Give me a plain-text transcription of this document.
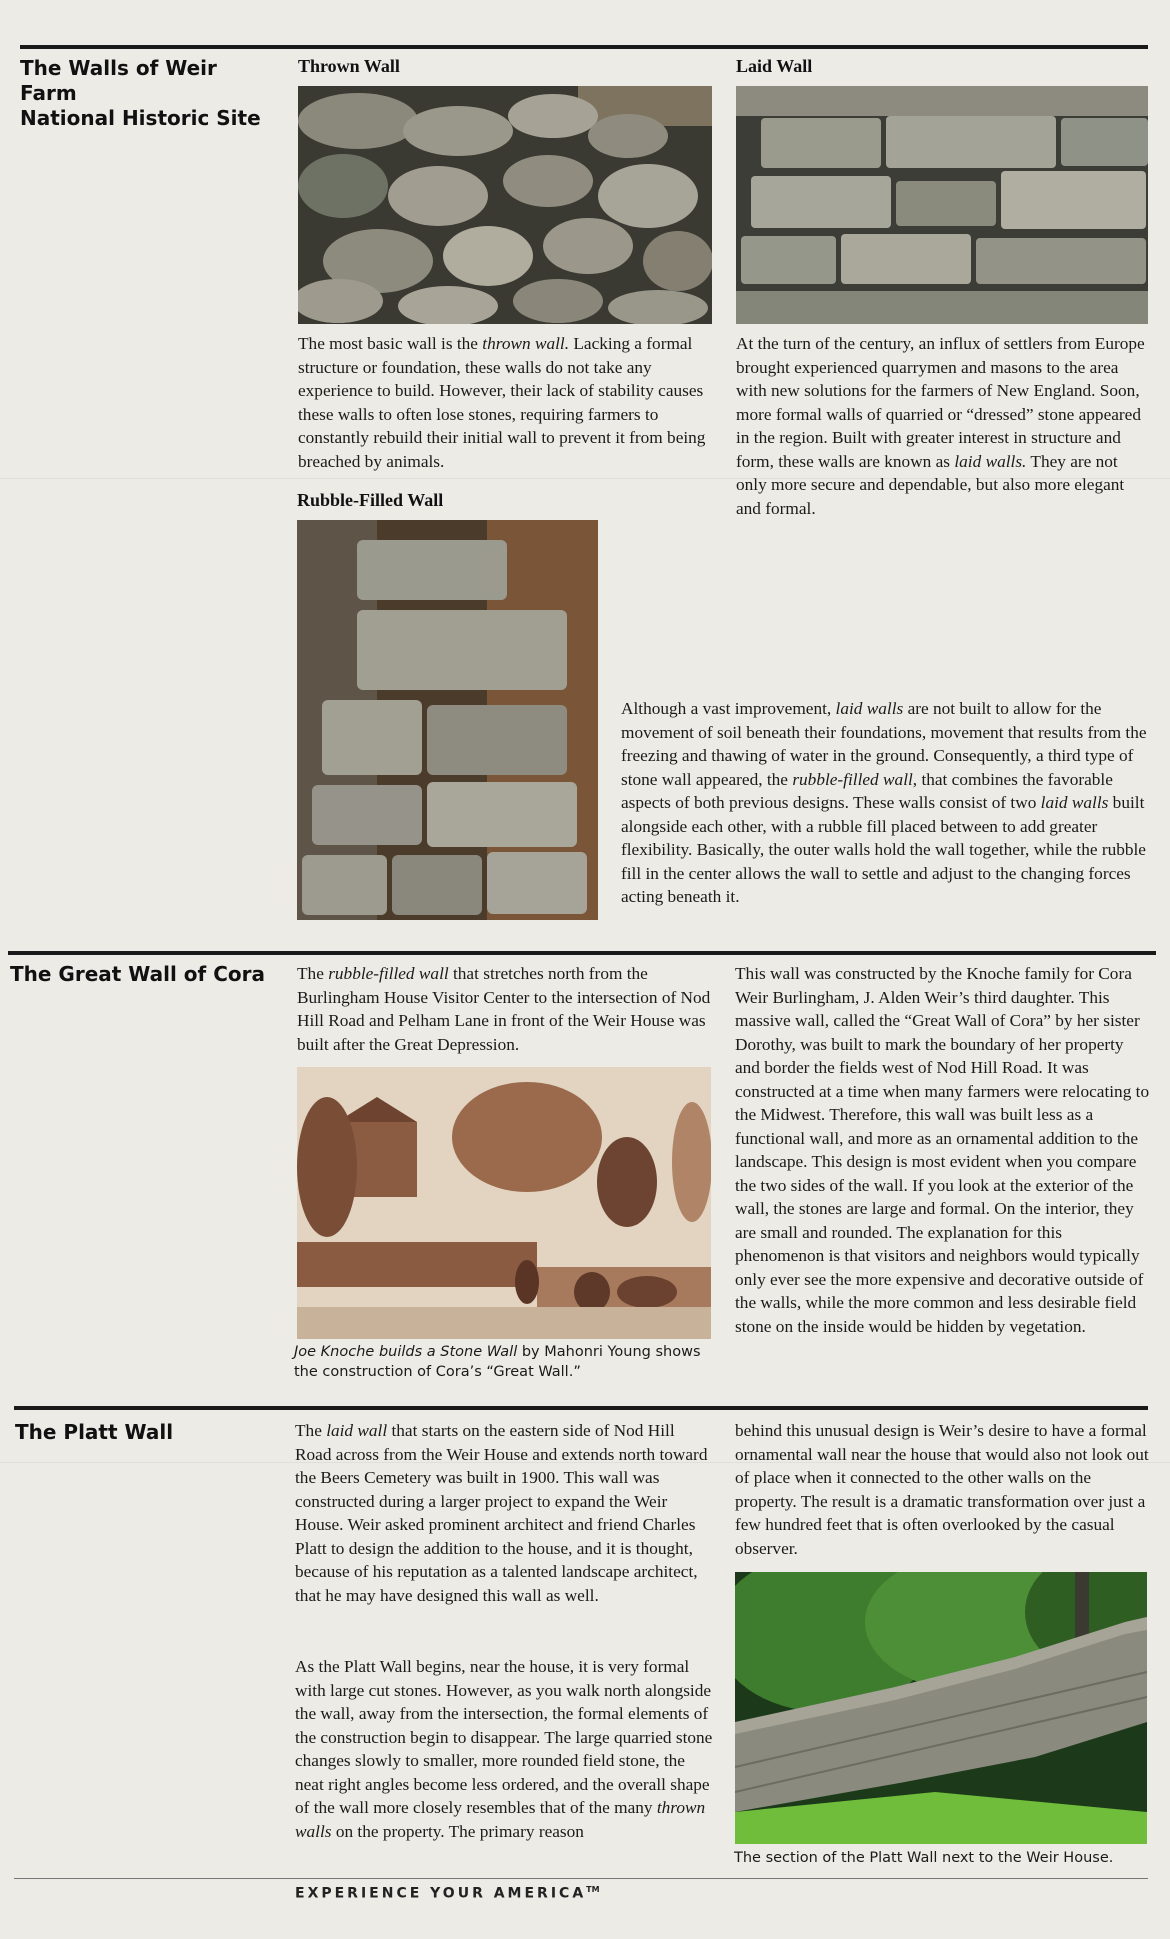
The Walls of Weir Farm
National Historic Site
Thrown Wall

The most basic wall is the thrown wall. Lacking a formal structure or foundation, these walls do not take any experience to build. However, their lack of stability causes these walls to often lose stones, requiring farmers to constantly rebuild their initial wall to prevent it from being breached by animals.

Laid Wall

At the turn of the century, an influx of settlers from Europe brought experienced quarrymen and masons to the area with new solutions for the farmers of New England. Soon, more formal walls of quarried or “dressed” stone appeared in the region. Built with greater interest in structure and form, these walls are known as laid walls. They are not only more secure and dependable, but also more elegant and formal.

Rubble-Filled Wall

Although a vast improvement, laid walls are not built to allow for the movement of soil beneath their foundations, movement that results from the freezing and thawing of water in the ground. Consequently, a third type of stone wall appeared, the rubble-filled wall, that combines the favorable aspects of both previous designs. These walls consist of two laid walls built alongside each other, with a rubble fill placed between to add greater flexibility. Basically, the outer walls hold the wall together, while the rubble fill in the center allows the wall to settle and adjust to the changing forces acting beneath it.

The Great Wall of Cora The rubble-filled wall that stretches north from the Burlingham House Visitor Center to the intersection of Nod Hill Road and Pelham Lane in front of the Weir House was built after the Great Depression.

Joe Knoche builds a Stone Wall by Mahonri Young shows the construction of Cora’s “Great Wall.”

This wall was constructed by the Knoche family for Cora Weir Burlingham, J. Alden Weir’s third daughter. This massive wall, called the “Great Wall of Cora” by her sister Dorothy, was built to mark the boundary of her property and border the fields west of Nod Hill Road. It was constructed at a time when many farmers were relocating to the Midwest. Therefore, this wall was built less as a functional wall, and more as an ornamental addition to the landscape. This design is most evident when you compare the two sides of the wall. If you look at the exterior of the wall, the stones are large and formal. On the interior, they are small and rounded. The explanation for this phenomenon is that visitors and neighbors would typically only ever see the more expensive and decorative outside of the walls, while the more common and less desirable field stone on the inside would be hidden by vegetation.

The Platt Wall	The laid wall that starts on the eastern side of Nod Hill Road across from the Weir House and extends north toward the Beers Cemetery was built in 1900. This wall was constructed during a larger project to expand the Weir House. Weir asked prominent architect and friend Charles Platt to design the addition to the house, and it is thought, because of his reputation as a talented landscape architect, that he may have designed this wall as well.

As the Platt Wall begins, near the house, it is very formal with large cut stones. However, as you walk north alongside the wall, away from the intersection, the formal elements of the construction begin to disappear. The large quarried stone changes slowly to smaller, more rounded field stone, the neat right angles become less ordered, and the overall shape of the wall more closely resembles that of the many thrown walls on the property. The primary reason

behind this unusual design is Weir’s desire to have a formal ornamental wall near the house that would also not look out of place when it connected to the other walls on the property. The result is a dramatic transformation over just a few hundred feet that is often overlooked by the casual observer.

The section of the Platt Wall next to the Weir House.

EXPERIENCE YOUR AMERICA™
